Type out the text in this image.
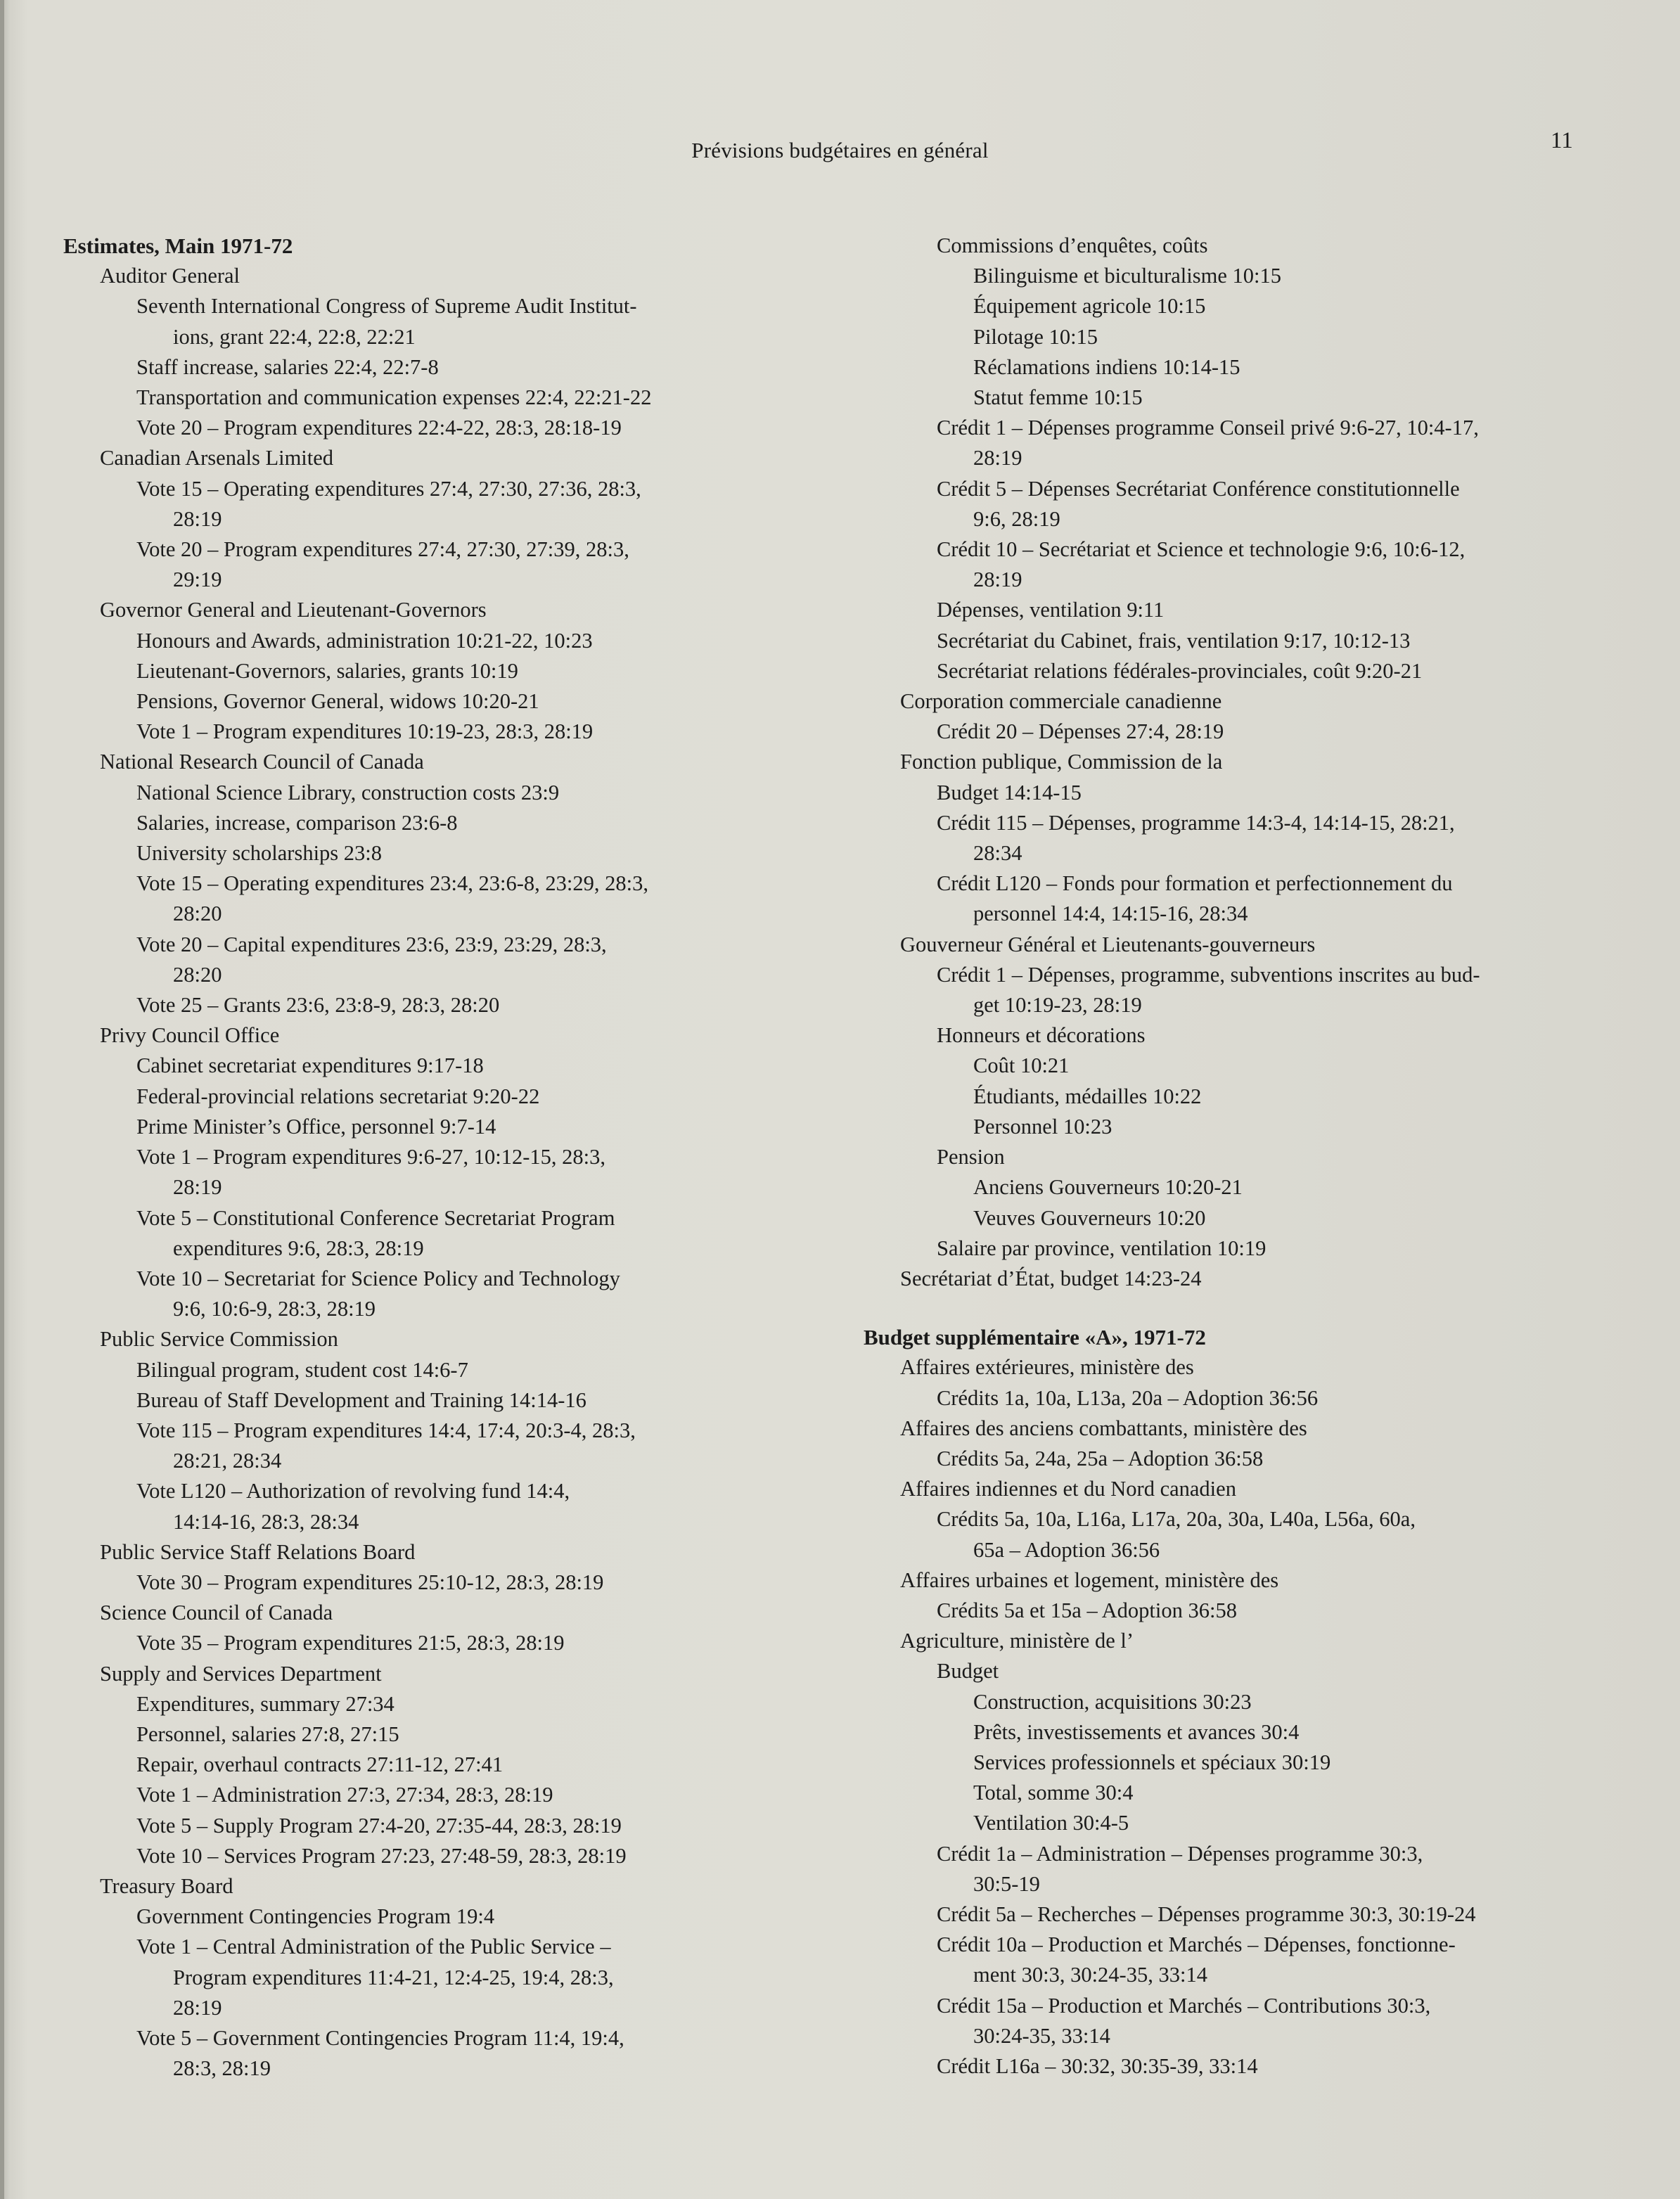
Prévisions budgétaires en général	11
Estimates, Main 1971-72
Auditor General
Seventh International Congress of Supreme Audit Institut-
ions, grant 22:4, 22:8, 22:21
Staff increase, salaries 22:4, 22:7-8
Transportation and communication expenses 22:4, 22:21-22
Vote 20 – Program expenditures 22:4-22, 28:3, 28:18-19
Canadian Arsenals Limited
Vote 15 – Operating expenditures 27:4, 27:30, 27:36, 28:3,
28:19
Vote 20 – Program expenditures 27:4, 27:30, 27:39, 28:3,
29:19
Governor General and Lieutenant-Governors
Honours and Awards, administration 10:21-22, 10:23
Lieutenant-Governors, salaries, grants 10:19
Pensions, Governor General, widows 10:20-21
Vote 1 – Program expenditures 10:19-23, 28:3, 28:19
National Research Council of Canada
National Science Library, construction costs 23:9
Salaries, increase, comparison 23:6-8
University scholarships 23:8
Vote 15 – Operating expenditures 23:4, 23:6-8, 23:29, 28:3,
28:20
Vote 20 – Capital expenditures 23:6, 23:9, 23:29, 28:3,
28:20
Vote 25 – Grants 23:6, 23:8-9, 28:3, 28:20
Privy Council Office
Cabinet secretariat expenditures 9:17-18
Federal-provincial relations secretariat 9:20-22
Prime Minister’s Office, personnel 9:7-14
Vote 1 – Program expenditures 9:6-27, 10:12-15, 28:3,
28:19
Vote 5 – Constitutional Conference Secretariat Program
expenditures 9:6, 28:3, 28:19
Vote 10 – Secretariat for Science Policy and Technology
9:6, 10:6-9, 28:3, 28:19
Public Service Commission
Bilingual program, student cost 14:6-7
Bureau of Staff Development and Training 14:14-16
Vote 115 – Program expenditures 14:4, 17:4, 20:3-4, 28:3,
28:21, 28:34
Vote L120 – Authorization of revolving fund 14:4,
14:14-16, 28:3, 28:34
Public Service Staff Relations Board
Vote 30 – Program expenditures 25:10-12, 28:3, 28:19
Science Council of Canada
Vote 35 – Program expenditures 21:5, 28:3, 28:19
Supply and Services Department
Expenditures, summary 27:34
Personnel, salaries 27:8, 27:15
Repair, overhaul contracts 27:11-12, 27:41
Vote 1 – Administration 27:3, 27:34, 28:3, 28:19
Vote 5 – Supply Program 27:4-20, 27:35-44, 28:3, 28:19
Vote 10 – Services Program 27:23, 27:48-59, 28:3, 28:19
Treasury Board
Government Contingencies Program 19:4
Vote 1 – Central Administration of the Public Service –
Program expenditures 11:4-21, 12:4-25, 19:4, 28:3,
28:19
Vote 5 – Government Contingencies Program 11:4, 19:4,
28:3, 28:19
Commissions d’enquêtes, coûts
Bilinguisme et biculturalisme 10:15
Équipement agricole 10:15
Pilotage 10:15
Réclamations indiens 10:14-15
Statut femme 10:15
Crédit 1 – Dépenses programme Conseil privé 9:6-27, 10:4-17,
28:19
Crédit 5 – Dépenses Secrétariat Conférence constitutionnelle
9:6, 28:19
Crédit 10 – Secrétariat et Science et technologie 9:6, 10:6-12,
28:19
Dépenses, ventilation 9:11
Secrétariat du Cabinet, frais, ventilation 9:17, 10:12-13
Secrétariat relations fédérales-provinciales, coût 9:20-21
Corporation commerciale canadienne
Crédit 20 – Dépenses 27:4, 28:19
Fonction publique, Commission de la
Budget 14:14-15
Crédit 115 – Dépenses, programme 14:3-4, 14:14-15, 28:21,
28:34
Crédit L120 – Fonds pour formation et perfectionnement du
personnel 14:4, 14:15-16, 28:34
Gouverneur Général et Lieutenants-gouverneurs
Crédit 1 – Dépenses, programme, subventions inscrites au bud-
get 10:19-23, 28:19
Honneurs et décorations
Coût 10:21
Étudiants, médailles 10:22
Personnel 10:23
Pension
Anciens Gouverneurs 10:20-21
Veuves Gouverneurs 10:20
Salaire par province, ventilation 10:19
Secrétariat d’État, budget 14:23-24
Budget supplémentaire «A», 1971-72
Affaires extérieures, ministère des
Crédits 1a, 10a, L13a, 20a – Adoption 36:56
Affaires des anciens combattants, ministère des
Crédits 5a, 24a, 25a – Adoption 36:58
Affaires indiennes et du Nord canadien
Crédits 5a, 10a, L16a, L17a, 20a, 30a, L40a, L56a, 60a,
65a – Adoption 36:56
Affaires urbaines et logement, ministère des
Crédits 5a et 15a – Adoption 36:58
Agriculture, ministère de l’
Budget
Construction, acquisitions 30:23
Prêts, investissements et avances 30:4
Services professionnels et spéciaux 30:19
Total, somme 30:4
Ventilation 30:4-5
Crédit 1a – Administration – Dépenses programme 30:3,
30:5-19
Crédit 5a – Recherches – Dépenses programme 30:3, 30:19-24
Crédit 10a – Production et Marchés – Dépenses, fonctionne-
ment 30:3, 30:24-35, 33:14
Crédit 15a – Production et Marchés – Contributions 30:3,
30:24-35, 33:14
Crédit L16a – 30:32, 30:35-39, 33:14
